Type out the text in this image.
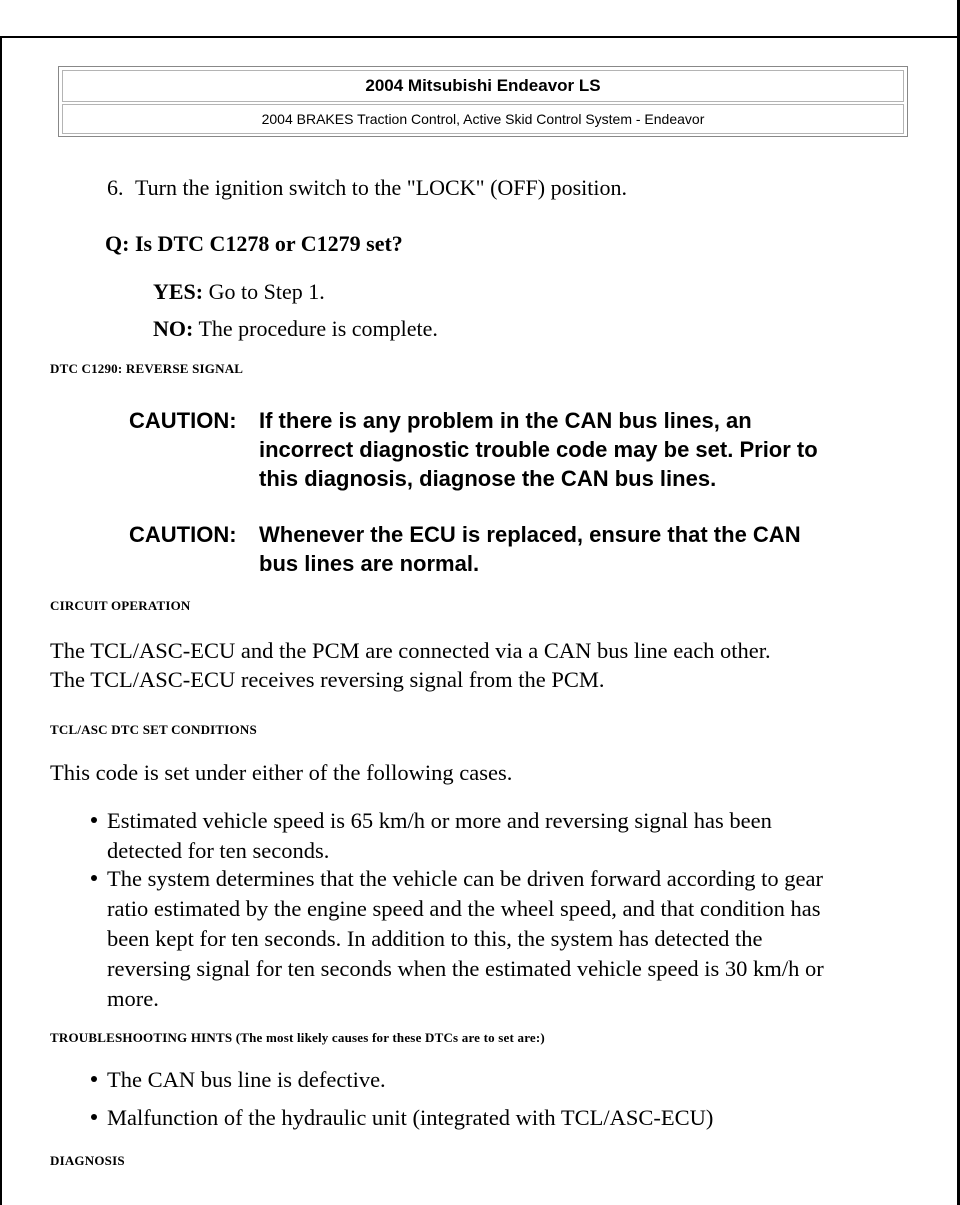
2004 Mitsubishi Endeavor LS
2004 BRAKES Traction Control, Active Skid Control System - Endeavor
6. Turn the ignition switch to the "LOCK" (OFF) position.
Q: Is DTC C1278 or C1279 set?
YES: Go to Step 1.
NO: The procedure is complete.
DTC C1290: REVERSE SIGNAL
CAUTION: If there is any problem in the CAN bus lines, an
incorrect diagnostic trouble code may be set. Prior to
this diagnosis, diagnose the CAN bus lines.
CAUTION: Whenever the ECU is replaced, ensure that the CAN
bus lines are normal.
CIRCUIT OPERATION
The TCL/ASC-ECU and the PCM are connected via a CAN bus line each other.
The TCL/ASC-ECU receives reversing signal from the PCM.
TCL/ASC DTC SET CONDITIONS
This code is set under either of the following cases.
Estimated vehicle speed is 65 km/h or more and reversing signal has been
detected for ten seconds.
The system determines that the vehicle can be driven forward according to gear
ratio estimated by the engine speed and the wheel speed, and that condition has
been kept for ten seconds. In addition to this, the system has detected the
reversing signal for ten seconds when the estimated vehicle speed is 30 km/h or
more.
TROUBLESHOOTING HINTS (The most likely causes for these DTCs are to set are:)
The CAN bus line is defective.
Malfunction of the hydraulic unit (integrated with TCL/ASC-ECU)
DIAGNOSIS
